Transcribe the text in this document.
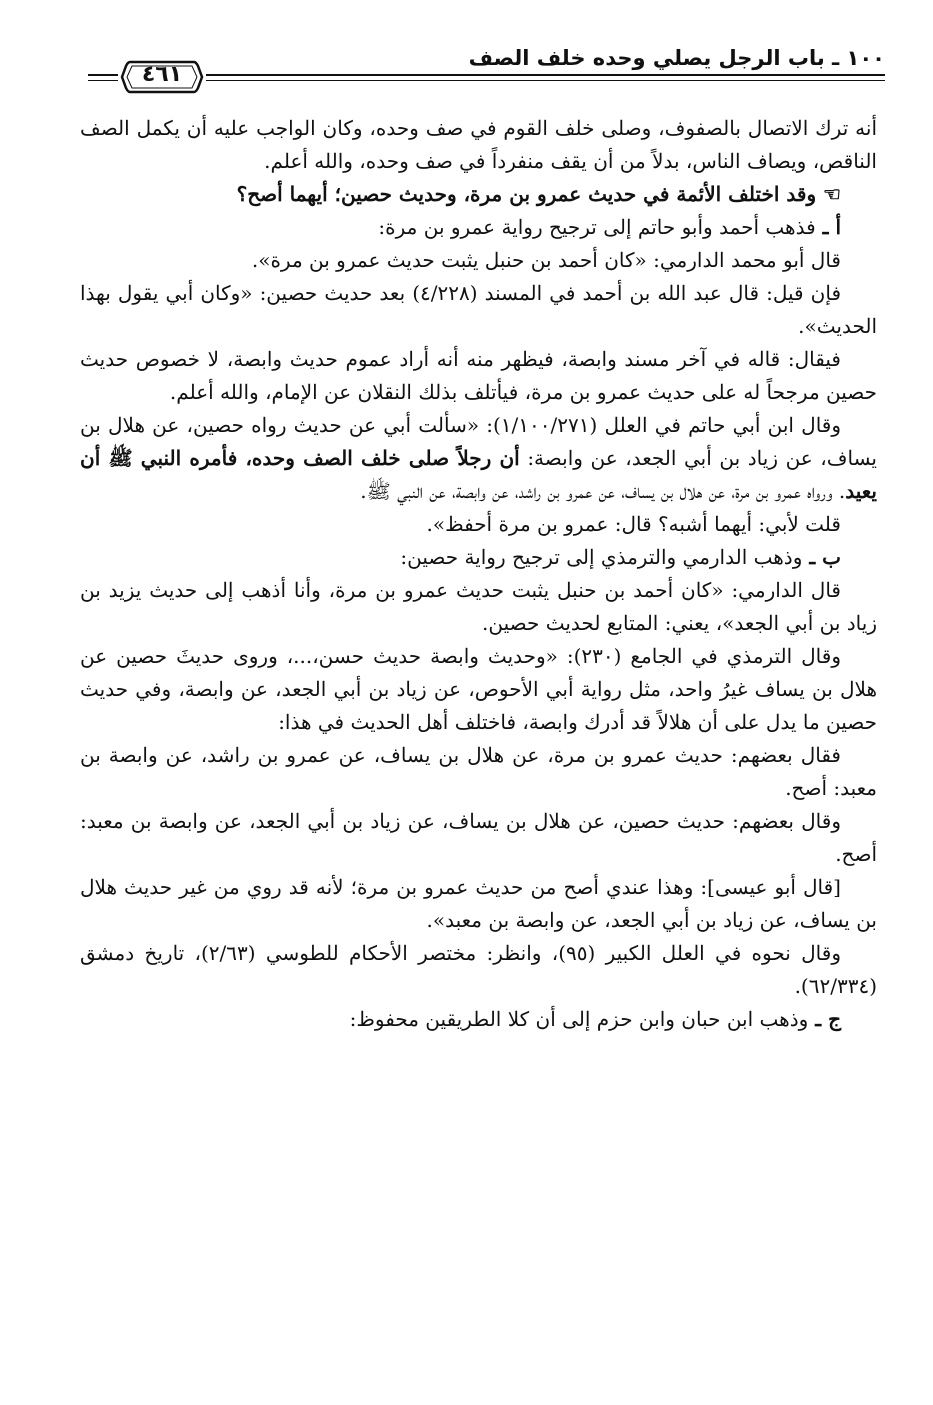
١٠٠ ـ باب الرجل يصلي وحده خلف الصف
٤٦١

أنه ترك الاتصال بالصفوف، وصلى خلف القوم في صف وحده، وكان الواجب عليه أن يكمل الصف الناقص، ويصاف الناس، بدلاً من أن يقف منفرداً في صف وحده، والله أعلم.

☜ وقد اختلف الأئمة في حديث عمرو بن مرة، وحديث حصين؛ أيهما أصح؟

أ ـ فذهب أحمد وأبو حاتم إلى ترجيح رواية عمرو بن مرة:

قال أبو محمد الدارمي: «كان أحمد بن حنبل يثبت حديث عمرو بن مرة».

فإن قيل: قال عبد الله بن أحمد في المسند (٤/٢٢٨) بعد حديث حصين: «وكان أبي يقول بهذا الحديث».

فيقال: قاله في آخر مسند وابصة، فيظهر منه أنه أراد عموم حديث وابصة، لا خصوص حديث حصين مرجحاً له على حديث عمرو بن مرة، فيأتلف بذلك النقلان عن الإمام، والله أعلم.

وقال ابن أبي حاتم في العلل (١/١٠٠/٢٧١): «سألت أبي عن حديث رواه حصين، عن هلال بن يساف، عن زياد بن أبي الجعد، عن وابصة: أن رجلاً صلى خلف الصف وحده، فأمره النبي ﷺ أن يعيد. ورواه عمرو بن مرة، عن هلال بن يساف، عن عمرو بن راشد، عن وابصة، عن النبي ﷺ.

قلت لأبي: أيهما أشبه؟ قال: عمرو بن مرة أحفظ».

ب ـ وذهب الدارمي والترمذي إلى ترجيح رواية حصين:

قال الدارمي: «كان أحمد بن حنبل يثبت حديث عمرو بن مرة، وأنا أذهب إلى حديث يزيد بن زياد بن أبي الجعد»، يعني: المتابع لحديث حصين.

وقال الترمذي في الجامع (٢٣٠): «وحديث وابصة حديث حسن،...، وروى حديثَ حصين عن هلال بن يساف غيرُ واحد، مثل رواية أبي الأحوص، عن زياد بن أبي الجعد، عن وابصة، وفي حديث حصين ما يدل على أن هلالاً قد أدرك وابصة، فاختلف أهل الحديث في هذا:

فقال بعضهم: حديث عمرو بن مرة، عن هلال بن يساف، عن عمرو بن راشد، عن وابصة بن معبد: أصح.

وقال بعضهم: حديث حصين، عن هلال بن يساف، عن زياد بن أبي الجعد، عن وابصة بن معبد: أصح.

[قال أبو عيسى]: وهذا عندي أصح من حديث عمرو بن مرة؛ لأنه قد روي من غير حديث هلال بن يساف، عن زياد بن أبي الجعد، عن وابصة بن معبد».

وقال نحوه في العلل الكبير (٩٥)، وانظر: مختصر الأحكام للطوسي (٢/٦٣)، تاريخ دمشق (٦٢/٣٣٤).

ج ـ وذهب ابن حبان وابن حزم إلى أن كلا الطريقين محفوظ:
